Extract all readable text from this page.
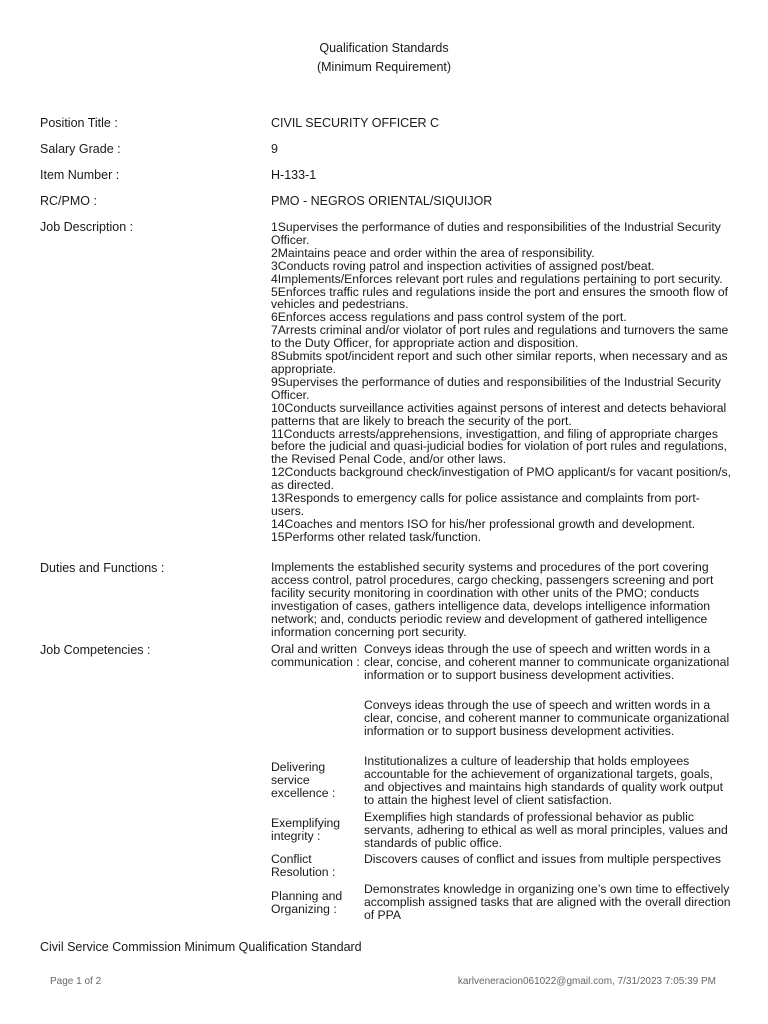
Qualification Standards
(Minimum Requirement)
Position Title :	CIVIL SECURITY OFFICER C
Salary Grade :	9
Item Number :	H-133-1
RC/PMO :	PMO - NEGROS ORIENTAL/SIQUIJOR
Job Description :	1Supervises the performance of duties and responsibilities of the Industrial Security Officer.
2Maintains peace and order within the area of responsibility.
3Conducts roving patrol and inspection activities of assigned post/beat.
4Implements/Enforces relevant port rules and regulations pertaining to port security.
5Enforces traffic rules and regulations inside the port and ensures the smooth flow of vehicles and pedestrians.
6Enforces access regulations and pass control system of the port.
7Arrests criminal and/or violator of port rules and regulations and turnovers the same to the Duty Officer, for appropriate action and disposition.
8Submits spot/incident report and such other similar reports, when necessary and as appropriate.
9Supervises the performance of duties and responsibilities of the Industrial Security Officer.
10Conducts surveillance activities against persons of interest and detects behavioral patterns that are likely to breach the security of the port.
11Conducts arrests/apprehensions, investigattion, and filing of appropriate charges before the judicial and quasi-judicial bodies for violation of port rules and regulations, the Revised Penal Code, and/or other laws.
12Conducts background check/investigation of PMO applicant/s for vacant position/s, as directed.
13Responds to emergency calls for police assistance and complaints from port-users.
14Coaches and mentors ISO for his/her professional growth and development.
15Performs other related task/function.
Duties and Functions :	Implements the established security systems and procedures of the port covering access control, patrol procedures, cargo checking, passengers screening and port facility security monitoring in coordination with other units of the PMO; conducts investigation of cases, gathers intelligence data, develops intelligence information network; and, conducts periodic review and development of gathered intelligence information concerning port security.
Job Competencies :	Oral and written communication :
Conveys ideas through the use of speech and written words in a clear, concise, and coherent manner to communicate organizational information or to support business development activities.
Conveys ideas through the use of speech and written words in a clear, concise, and coherent manner to communicate organizational information or to support business development activities.
Delivering service excellence :
Institutionalizes a culture of leadership that holds employees accountable for the achievement of organizational targets, goals, and objectives and maintains high standards of quality work output to attain the highest level of client satisfaction.
Exemplifying integrity :
Exemplifies high standards of professional behavior as public servants, adhering to ethical as well as moral principles, values and standards of public office.
Conflict Resolution :
Discovers causes of conflict and issues from multiple perspectives
Planning and Organizing :
Demonstrates knowledge in organizing one’s own time to effectively accomplish assigned tasks that are aligned with the overall direction of PPA
Civil Service Commission Minimum Qualification Standard
Page 1 of 2	karlveneracion061022@gmail.com, 7/31/2023 7:05:39 PM
